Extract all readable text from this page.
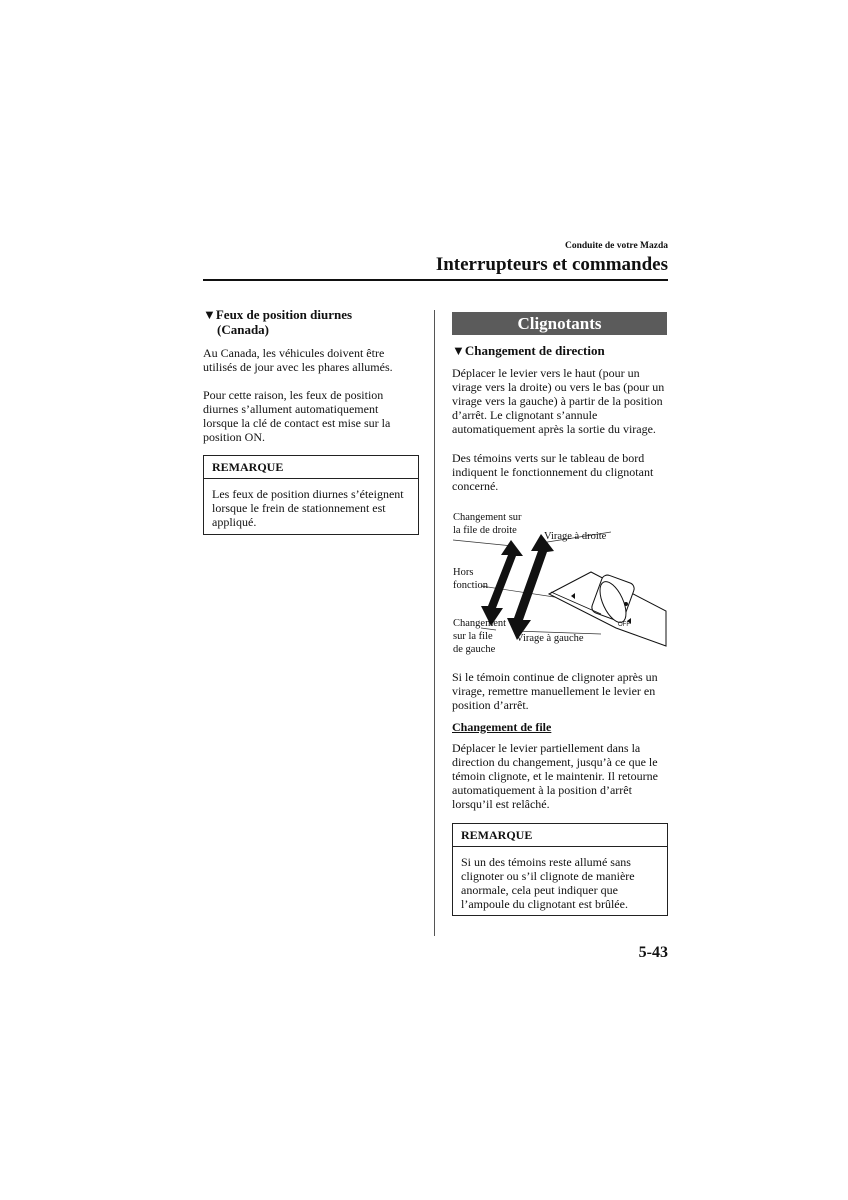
Conduite de votre Mazda
Interrupteurs et commandes
▼Feux de position diurnes
(Canada)

Au Canada, les véhicules doivent être utilisés de jour avec les phares allumés.

Pour cette raison, les feux de position diurnes s’allument automatiquement lorsque la clé de contact est mise sur la position ON.

REMARQUE
Les feux de position diurnes s’éteignent lorsque le frein de stationnement est appliqué.
Clignotants
▼Changement de direction

Déplacer le levier vers le haut (pour un virage vers la droite) ou vers le bas (pour un virage vers la gauche) à partir de la position d’arrêt. Le clignotant s’annule automatiquement après la sortie du virage.

Des témoins verts sur le tableau de bord indiquent le fonctionnement du clignotant concerné.

OFF
Changement sur
la file de droite
Virage à droite
Hors
fonction
Changement
sur la file
de gauche
Virage à gauche

Si le témoin continue de clignoter après un virage, remettre manuellement le levier en position d’arrêt.

Changement de file

Déplacer le levier partiellement dans la direction du changement, jusqu’à ce que le témoin clignote, et le maintenir. Il retourne automatiquement à la position d’arrêt lorsqu’il est relâché.

REMARQUE
Si un des témoins reste allumé sans clignoter ou s’il clignote de manière anormale, cela peut indiquer que l’ampoule du clignotant est brûlée.
5-43
